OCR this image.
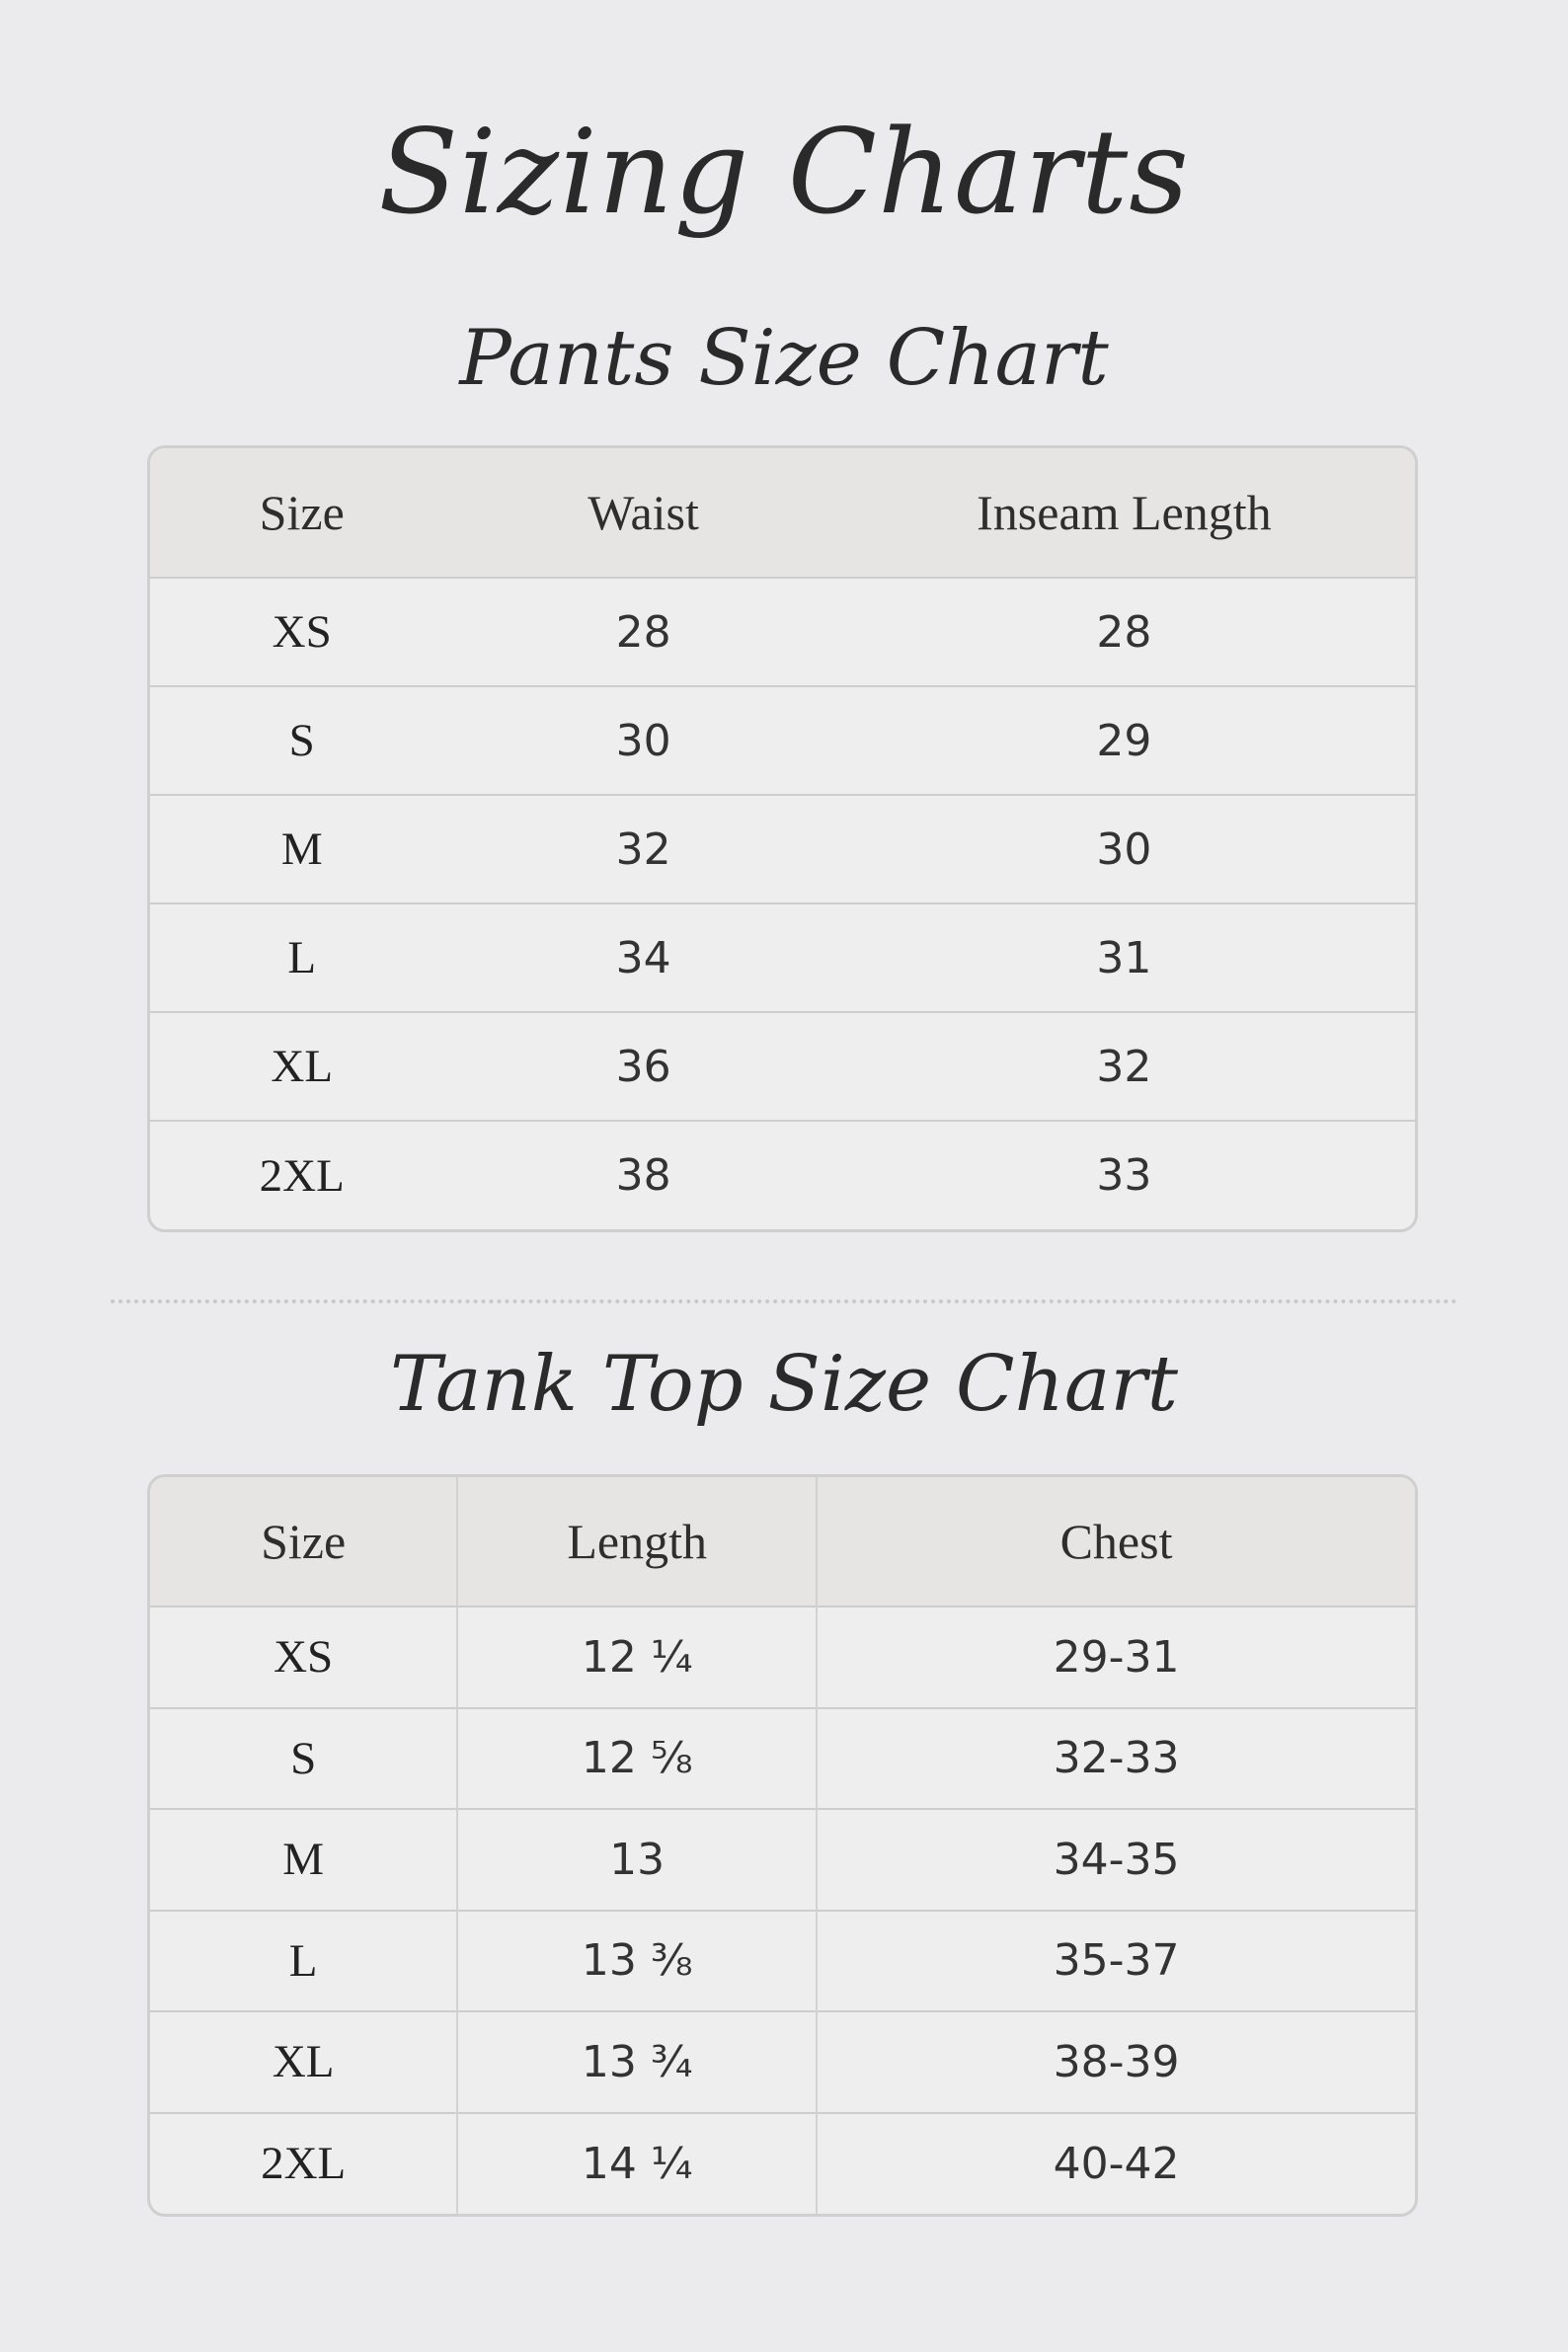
Sizing Charts
Pants Size Chart
Size	Waist	Inseam Length
XS	28	28
S	30	29
M	32	30
L	34	31
XL	36	32
2XL	38	33
Tank Top Size Chart
Size	Length	Chest
XS	12 ¼	29-31
S	12 ⅝	32-33
M	13	34-35
L	13 ⅜	35-37
XL	13 ¾	38-39
2XL	14 ¼	40-42
